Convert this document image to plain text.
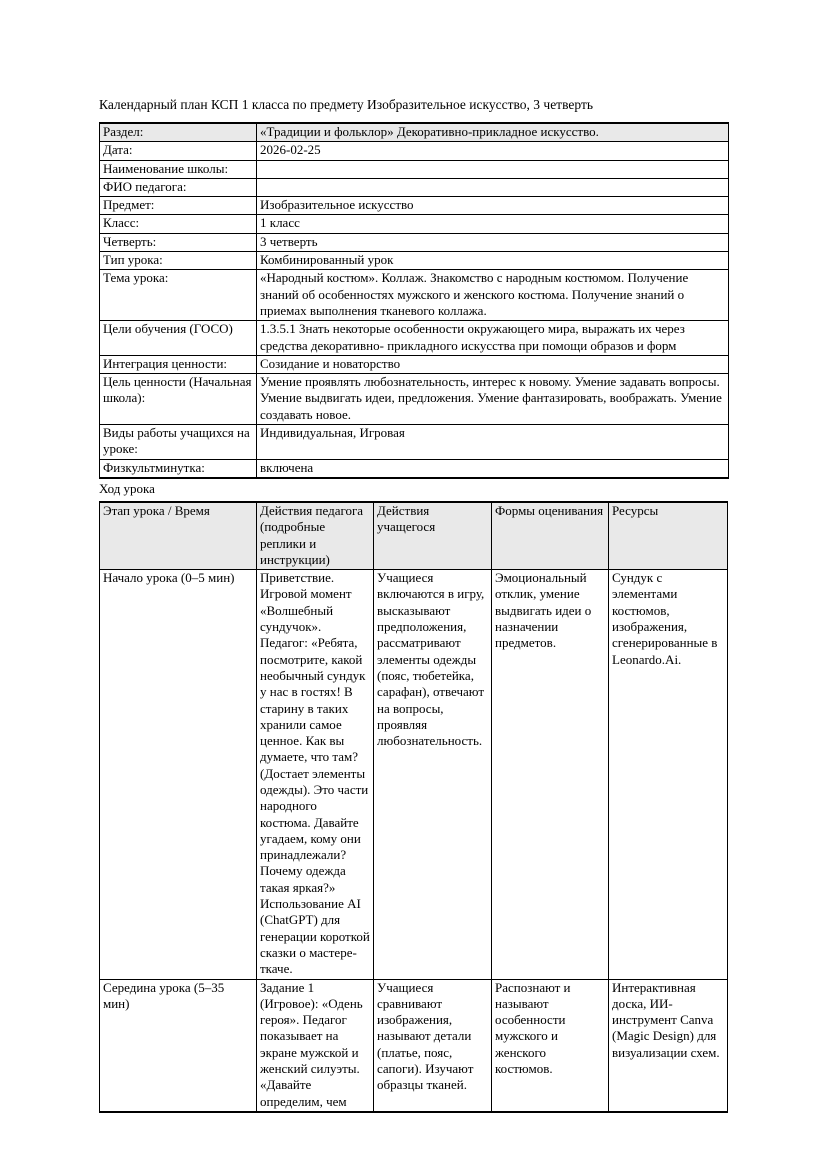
Календарный план КСП 1 класса по предмету Изобразительное искусство, 3 четверть

Раздел:	«Традиции и фольклор» Декоративно-прикладное искусство.
Дата:	2026-02-25
Наименование школы:	
ФИО педагога:	
Предмет:	Изобразительное искусство
Класс:	1 класс
Четверть:	3 четверть
Тип урока:	Комбинированный урок
Тема урока:	«Народный костюм». Коллаж. Знакомство с народным костюмом. Получение знаний об особенностях мужского и женского костюма. Получение знаний о приемах выполнения тканевого коллажа.
Цели обучения (ГОСО)	1.3.5.1 Знать некоторые особенности окружающего мира, выражать их через средства декоративно- прикладного искусства при помощи образов и форм
Интеграция ценности:	Созидание и новаторство
Цель ценности (Начальная школа):	Умение проявлять любознательность, интерес к новому. Умение задавать вопросы. Умение выдвигать идеи, предложения. Умение фантазировать, воображать. Умение создавать новое.
Виды работы учащихся на уроке:	Индивидуальная, Игровая
Физкультминутка:	включена

Ход урока

Этап урока / Время	Действия педагога (подробные реплики и инструкции)	Действия учащегося	Формы оценивания	Ресурсы
Начало урока (0–5 мин)	Приветствие. Игровой момент «Волшебный сундучок». Педагог: «Ребята, посмотрите, какой необычный сундук у нас в гостях! В старину в таких хранили самое ценное. Как вы думаете, что там? (Достает элементы одежды). Это части народного костюма. Давайте угадаем, кому они принадлежали? Почему одежда такая яркая?» Использование AI (ChatGPT) для генерации короткой сказки о мастере-ткаче.	Учащиеся включаются в игру, высказывают предположения, рассматривают элементы одежды (пояс, тюбетейка, сарафан), отвечают на вопросы, проявляя любознательность.	Эмоциональный отклик, умение выдвигать идеи о назначении предметов.	Сундук с элементами костюмов, изображения, сгенерированные в Leonardo.Ai.
Середина урока (5–35 мин)	Задание 1 (Игровое): «Одень героя». Педагог показывает на экране мужской и женский силуэты. «Давайте определим, чем	Учащиеся сравнивают изображения, называют детали (платье, пояс, сапоги). Изучают образцы тканей.	Распознают и называют особенности мужского и женского костюмов.	Интерактивная доска, ИИ-инструмент Canva (Magic Design) для визуализации схем.
